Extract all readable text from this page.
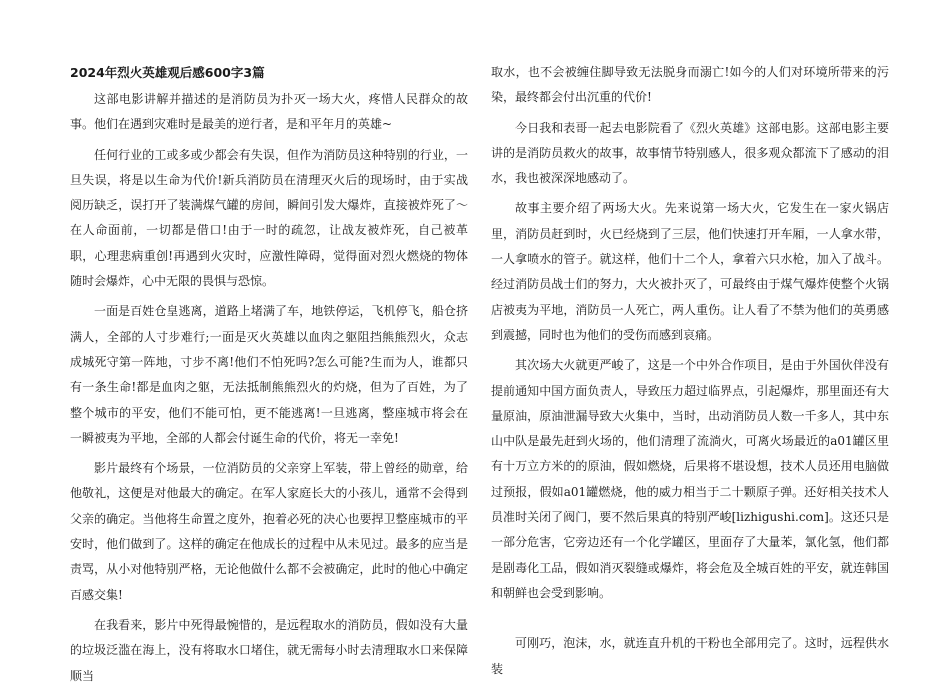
2024年烈火英雄观后感600字3篇

这部电影讲解并描述的是消防员为扑灭一场大火，疼惜人民群众的故事。他们在遇到灾难时是最美的逆行者，是和平年月的英雄~

任何行业的工或多或少都会有失误，但作为消防员这种特别的行业，一旦失误，将是以生命为代价!新兵消防员在清理灭火后的现场时，由于实战阅历缺乏，误打开了装满煤气罐的房间，瞬间引发大爆炸，直接被炸死了～在人命面前，一切都是借口!由于一时的疏忽，让战友被炸死，自己被革职，心理悲病重创!再遇到火灾时，应激性障碍，觉得面对烈火燃烧的物体随时会爆炸，心中无限的畏惧与恐惊。

一面是百姓仓皇逃离，道路上堵满了车，地铁停运，飞机停飞，船仓挤满人，全部的人寸步难行;一面是灭火英雄以血肉之躯阻挡熊熊烈火，众志成城死守第一阵地，寸步不离!他们不怕死吗?怎么可能?生而为人，谁都只有一条生命!都是血肉之躯，无法抵制熊熊烈火的灼烧，但为了百姓，为了整个城市的平安，他们不能可怕，更不能逃离!一旦逃离，整座城市将会在一瞬被夷为平地，全部的人都会付诞生命的代价，将无一幸免!

影片最终有个场景，一位消防员的父亲穿上军装，带上曾经的勋章，给他敬礼，这便是对他最大的确定。在军人家庭长大的小孩儿，通常不会得到父亲的确定。当他将生命置之度外，抱着必死的决心也要捍卫整座城市的平安时，他们做到了。这样的确定在他成长的过程中从未见过。最多的应当是责骂，从小对他特别严格，无论他做什么都不会被确定，此时的他心中确定百感交集!

在我看来，影片中死得最惋惜的，是远程取水的消防员，假如没有大量的垃圾泛滥在海上，没有将取水口堵住，就无需每小时去清理取水口来保障顺当

取水，也不会被缠住脚导致无法脱身而溺亡!如今的人们对环境所带来的污染，最终都会付出沉重的代价!

今日我和表哥一起去电影院看了《烈火英雄》这部电影。这部电影主要讲的是消防员救火的故事，故事情节特别感人，很多观众都流下了感动的泪水，我也被深深地感动了。

故事主要介绍了两场大火。先来说第一场大火，它发生在一家火锅店里，消防员赶到时，火已经烧到了三层，他们快速打开车厢，一人拿水带，一人拿喷水的管子。就这样，他们十二个人，拿着六只水枪，加入了战斗。经过消防员战士们的努力，大火被扑灭了，可最终由于煤气爆炸使整个火锅店被夷为平地，消防员一人死亡，两人重伤。让人看了不禁为他们的英勇感到震撼，同时也为他们的受伤而感到哀痛。

其次场大火就更严峻了，这是一个中外合作项目，是由于外国伙伴没有提前通知中国方面负责人，导致压力超过临界点，引起爆炸，那里面还有大量原油，原油泄漏导致大火集中，当时，出动消防员人数一千多人，其中东山中队是最先赶到火场的，他们清理了流淌火，可离火场最近的a01罐区里有十万立方米的的原油，假如燃烧，后果将不堪设想，技术人员还用电脑做过预报，假如a01罐燃烧，他的威力相当于二十颗原子弹。还好相关技术人员准时关闭了阀门，要不然后果真的特别严峻[lizhigushi.com]。这还只是一部分危害，它旁边还有一个化学罐区，里面存了大量苯，氯化氢，他们都是剧毒化工品，假如消灭裂缝或爆炸，将会危及全城百姓的平安，就连韩国和朝鲜也会受到影响。

可刚巧，泡沫，水，就连直升机的干粉也全部用完了。这时，远程供水装
